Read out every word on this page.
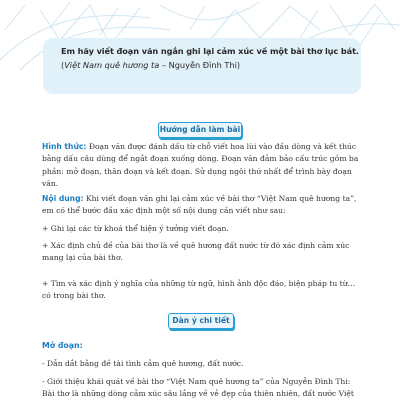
Em hãy viết đoạn văn ngắn ghi lại cảm xúc về một bài thơ lục bát.
(Việt Nam quê hương ta – Nguyễn Đình Thi)
Hướng dẫn làm bài
Hình thức: Đoạn văn được đánh dấu từ chỗ viết hoa lùi vào đầu dòng và kết thúc bằng dấu câu dùng để ngắt đoạn xuống dòng. Đoạn văn đảm bảo cấu trúc gồm ba phần: mở đoạn, thân đoạn và kết đoạn. Sử dụng ngôi thứ nhất để trình bày đoạn văn.
Nội dung: Khi viết đoạn văn ghi lại cảm xúc về bài thơ “Việt Nam quê hương ta”, em có thể bước đầu xác định một số nội dung cần viết như sau:
+ Ghi lại các từ khoá thể hiện ý tưởng viết đoạn.
+ Xác định chủ đề của bài thơ là về quê hương đất nước từ đó xác định cảm xúc mang lại của bài thơ.
+ Tìm và xác định ý nghĩa của những từ ngữ, hình ảnh độc đáo, biện pháp tu từ… có trong bài thơ.
Dàn ý chi tiết
Mở đoạn:
- Dẫn dắt bằng đề tài tình cảm quê hương, đất nước.
- Giới thiệu khái quát về bài thơ “Việt Nam quê hương ta” của Nguyễn Đình Thi: Bài thơ là những dòng cảm xúc sâu lắng về vẻ đẹp của thiên nhiên, đất nước Việt
